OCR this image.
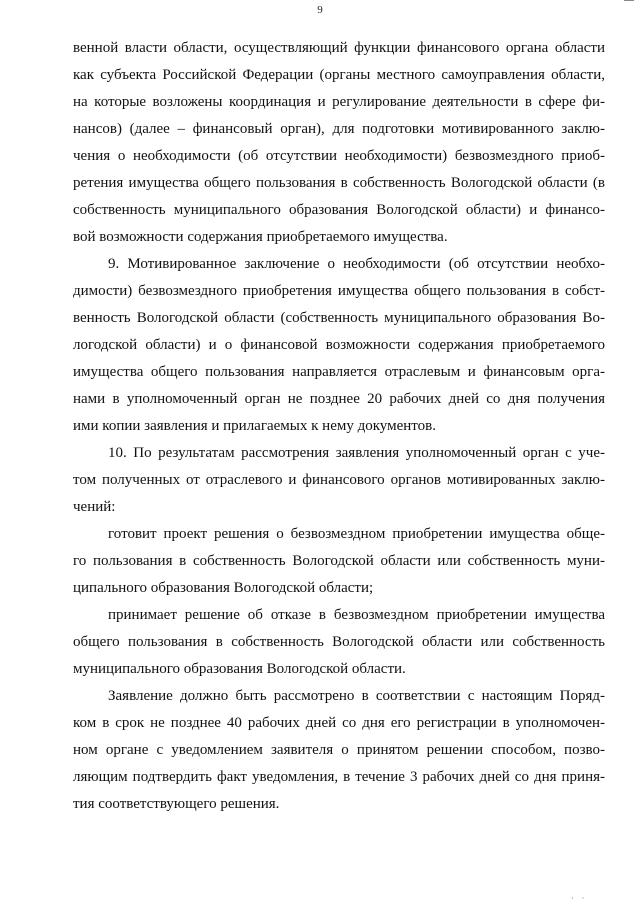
9
венной власти области, осуществляющий функции финансового органа области
как субъекта Российской Федерации (органы местного самоуправления области,
на которые возложены координация и регулирование деятельности в сфере фи-
нансов) (далее – финансовый орган), для подготовки мотивированного заклю-
чения о необходимости (об отсутствии необходимости) безвозмездного приоб-
ретения имущества общего пользования в собственность Вологодской области (в
собственность муниципального образования Вологодской области) и финансо-
вой возможности содержания приобретаемого имущества.
9. Мотивированное заключение о необходимости (об отсутствии необхо-
димости) безвозмездного приобретения имущества общего пользования в собст-
венность Вологодской области (собственность муниципального образования Во-
логодской области) и о финансовой возможности содержания приобретаемого
имущества общего пользования направляется отраслевым и финансовым орга-
нами в уполномоченный орган не позднее 20 рабочих дней со дня получения
ими копии заявления и прилагаемых к нему документов.
10. По результатам рассмотрения заявления уполномоченный орган с уче-
том полученных от отраслевого и финансового органов мотивированных заклю-
чений:
готовит проект решения о безвозмездном приобретении имущества обще-
го пользования в собственность Вологодской области или собственность муни-
ципального образования Вологодской области;
принимает решение об отказе в безвозмездном приобретении имущества
общего пользования в собственность Вологодской области или собственность
муниципального образования Вологодской области.
Заявление должно быть рассмотрено в соответствии с настоящим Поряд-
ком в срок не позднее 40 рабочих дней со дня его регистрации в уполномочен-
ном органе с уведомлением заявителя о принятом решении способом, позво-
ляющим подтвердить факт уведомления, в течение 3 рабочих дней со дня приня-
тия соответствующего решения.
· ·
